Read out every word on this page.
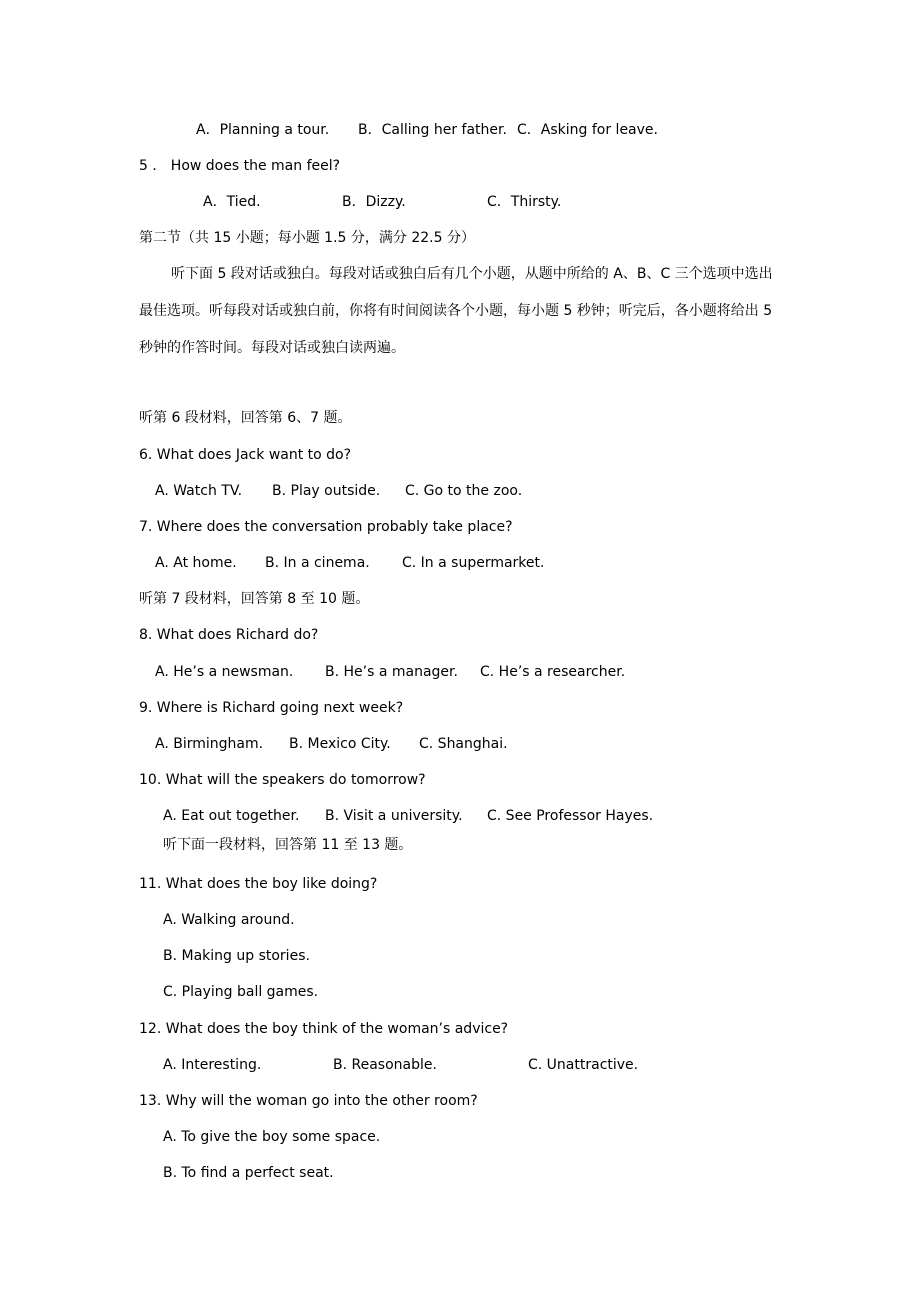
A．Planning a tour. B．Calling her father. C．Asking for leave.
5 ． How does the man feel?
A．Tied.	B．Dizzy.	C．Thirsty.
第二节（共 15 小题；每小题 1.5 分，满分 22.5 分）
听下面 5 段对话或独白。每段对话或独白后有几个小题，从题中所给的 A、B、C 三个选项中选出最佳选项。听每段对话或独白前，你将有时间阅读各个小题，每小题 5 秒钟；听完后，各小题将给出 5 秒钟的作答时间。每段对话或独白读两遍。
听第 6 段材料，回答第 6、7 题。
6. What does Jack want to do?
A. Watch TV. B. Play outside. C. Go to the zoo.
7. Where does the conversation probably take place?
A. At home. B. In a cinema. C. In a supermarket.
听第 7 段材料，回答第 8 至 10 题。
8. What does Richard do?
A. He’s a newsman. B. He’s a manager. C. He’s a researcher.
9. Where is Richard going next week?
A. Birmingham. B. Mexico City. C. Shanghai.
10. What will the speakers do tomorrow?
A. Eat out together. B. Visit a university. C. See Professor Hayes.
听下面一段材料，回答第 11 至 13 题。
11. What does the boy like doing?
A. Walking around.
B. Making up stories.
C. Playing ball games.
12. What does the boy think of the woman’s advice?
A. Interesting.	B. Reasonable.	C. Unattractive.
13. Why will the woman go into the other room?
A. To give the boy some space.
B. To find a perfect seat.
